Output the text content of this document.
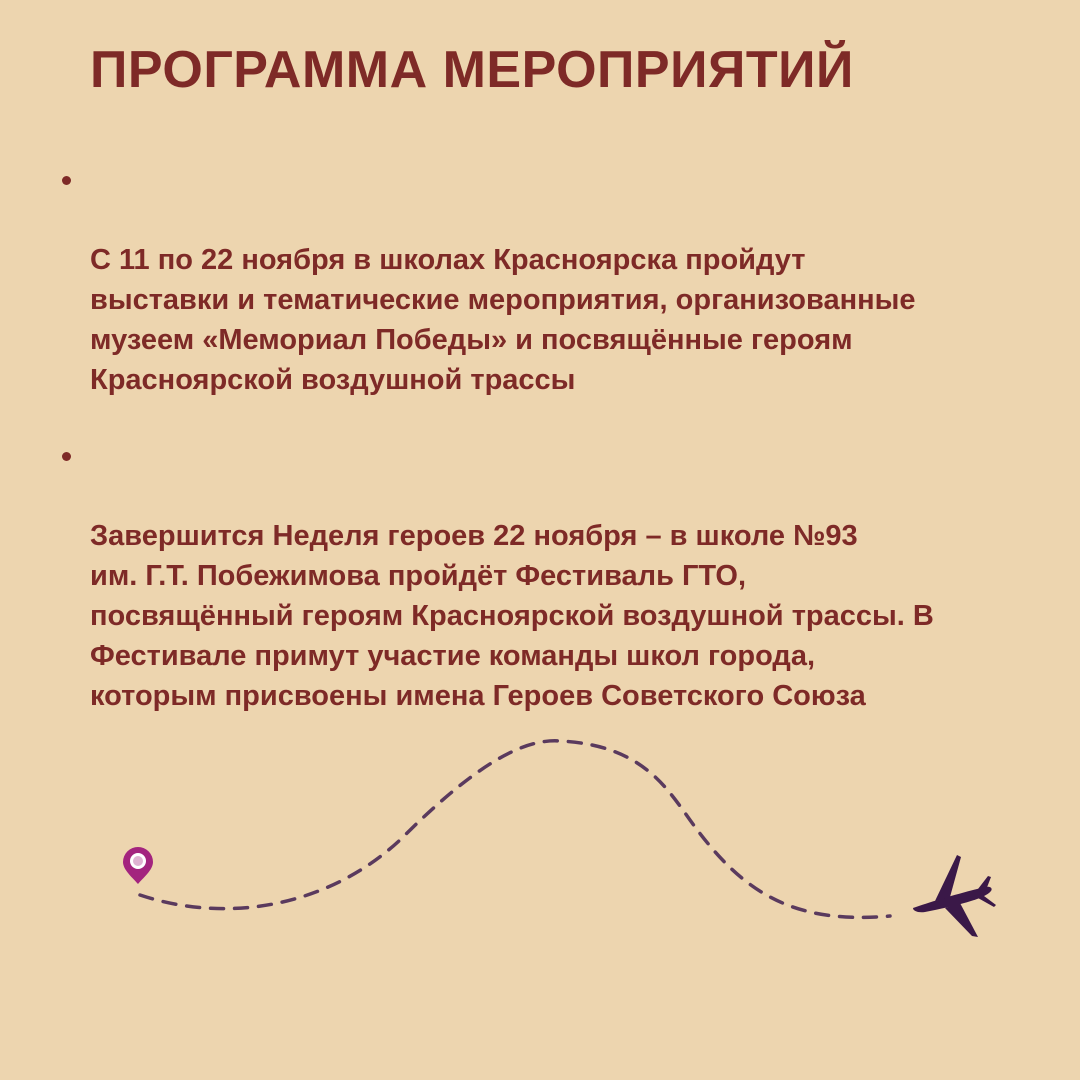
ПРОГРАММА МЕРОПРИЯТИЙ

С 11 по 22 ноября в школах Красноярска пройдут
выставки и тематические мероприятия, организованные
музеем «Мемориал Победы» и посвящённые героям
Красноярской воздушной трассы

Завершится Неделя героев 22 ноября – в школе №93
им. Г.Т. Побежимова пройдёт Фестиваль ГТО,
посвящённый героям Красноярской воздушной трассы. В
Фестивале примут участие команды школ города,
которым присвоены имена Героев Советского Союза
